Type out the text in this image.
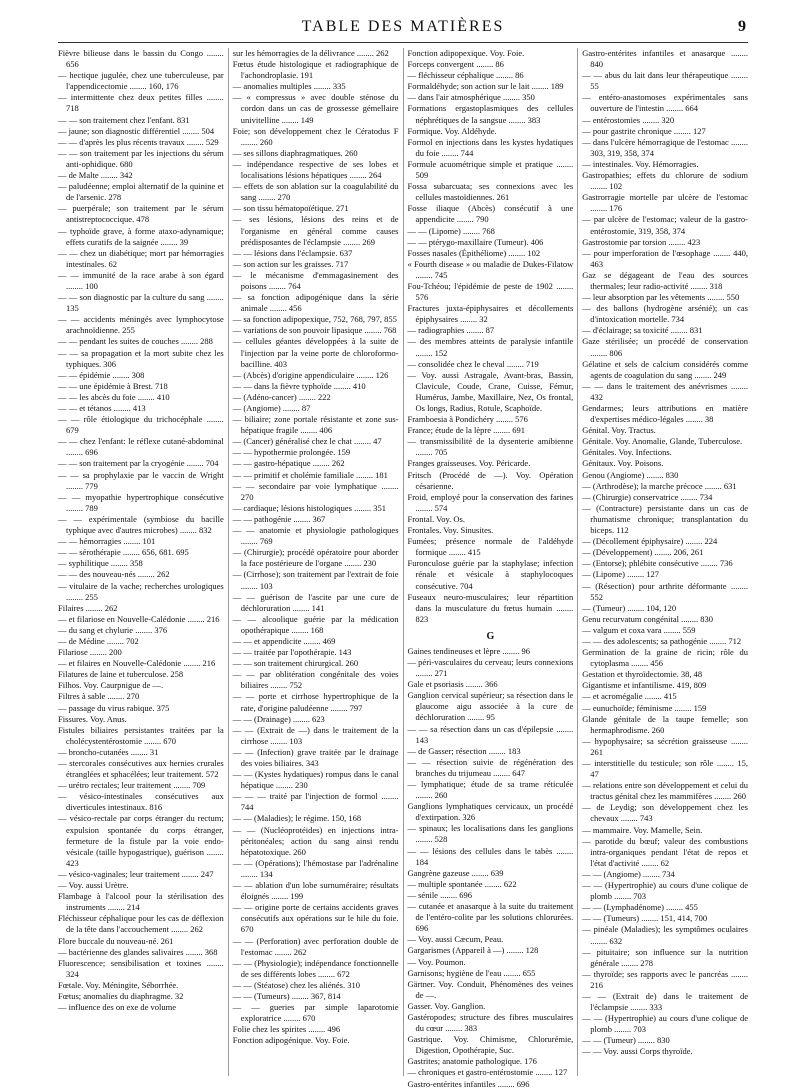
TABLE DES MATIÈRES	9
Fièvre bilieuse dans le bassin du Congo ........ 656
— hectique jugulée, chez une tuberculeuse, par l'appendicectomie ........ 160, 176
— intermittente chez deux petites filles ........ 718
— — son traitement chez l'enfant. 831
— jaune; son diagnostic différentiel ........ 504
— — d'après les plus récents travaux ........ 529
— — son traitement par les injections du sérum anti-ophidique. 680
— de Malte ........ 342
— paludéenne; emploi alternatif de la quinine et de l'arsenic. 278
— puerpérale; son traitement par le sérum antistreptococcique. 478
— typhoïde grave, à forme ataxo-adynamique; effets curatifs de la saignée ........ 39
— — chez un diabétique; mort par hémorragies intestinales. 62
— — immunité de la race arabe à son égard ........ 100
— — son diagnostic par la culture du sang ........ 135
— — accidents méningés avec lymphocytose arachnoïdienne. 255
— — pendant les suites de couches ........ 288
— — sa propagation et la mort subite chez les typhiques. 306
— — épidémie ........ 308
— — une épidémie à Brest. 718
— — les abcès du foie ........ 410
— — et tétanos ........ 413
— — rôle étiologique du trichocéphale ........ 679
— — chez l'enfant: le réflexe cutané-abdominal ........ 696
— — son traitement par la cryogénie ........ 704
— — sa prophylaxie par le vaccin de Wright ........ 779
— — myopathie hypertrophique consécutive ........ 789
— — expérimentale (symbiose du bacille typhique avec d'autres microbes) ........ 832
— — hémorragies ........ 101
— — sérothérapie ........ 656, 681. 695
— syphilitique ........ 358
— — des nouveau-nés ........ 262
— vitulaire de la vache; recherches urologiques ........ 255
Filaires ........ 262
— et filariose en Nouvelle-Calédonie ........ 216
— du sang et chylurie ........ 376
— de Médine ........ 702
Filariose ........ 200
— et filaires en Nouvelle-Calédonie ........ 216
Filatures de laine et tuberculose. 258
Filhos. Voy. Caurpnigue de —.
Filtres à sable ........ 270
— passage du virus rabique. 375
Fissures. Voy. Anus.
Fistules biliaires persistantes traitées par la cholécystentérostomie ........ 670
— broncho-cutanées ........ 31
— stercorales consécutives aux hernies crurales étranglées et sphacélées; leur traitement. 572
— urétro rectales; leur traitement ........ 709
— vésico-intestinales consécutives aux diverticules intestinaux. 816
— vésico-rectale par corps étranger du rectum; expulsion spontanée du corps étranger, fermeture de la fistule par la voie endo-vésicale (taille hypogastrique), guérison ........ 423
— vésico-vaginales; leur traitement ........ 247
— Voy. aussi Urètre.
Flambage à l'alcool pour la stérilisation des instruments ........ 214
Fléchisseur céphalique pour les cas de déflexion de la tête dans l'accouchement ........ 262
Flore buccale du nouveau-né. 261
— bactérienne des glandes salivaires ........ 368
Fluorescence; sensibilisation et toxines ........ 324
Fœtale. Voy. Méningite, Séborrhée.
Fœtus; anomalies du diaphragme. 32
— influence des on exe de volume
sur les hémorragies de la délivrance ........ 262
Fœtus étude histologique et radiographique de l'achondroplasie. 191
— anomalies multiples ........ 335
— « compressus » avec double sténose du cordon dans un cas de grossesse gémellaire univitelline ........ 149
Foie; son développement chez le Cératodus F ........ 260
— ses sillons diaphragmatiques. 260
— indépendance respective de ses lobes et localisations lésions hépatiques ........ 264
— effets de son ablation sur la coagulabilité du sang ........ 270
— son tissu hématopoïétique. 271
— ses lésions, lésions des reins et de l'organisme en général comme causes prédisposantes de l'éclampsie ........ 269
— — lésions dans l'éclampsie. 637
— son action sur les graisses. 717
— le mécanisme d'emmagasinement des poisons ........ 764
— sa fonction adipogénique dans la série animale ........ 456
— sa fonction adipopexique, 752, 768, 797, 855
— variations de son pouvoir lipasique ........ 768
— cellules géantes développées à la suite de l'injection par la veine porte de chloroformo-bacilline. 403
— (Abcès) d'origine appendiculaire ........ 126
— — dans la fièvre typhoïde ........ 410
— (Adéno-cancer) ........ 222
— (Angiome) ........ 87
— biliaire; zone portale résistante et zone sus-hépatique fragile ........ 406
— (Cancer) généralisé chez le chat ........ 47
— — hypothermie prolongée. 159
— — gastro-hépatique ........ 262
— — primitif et cholémie familiale ........ 181
— — secondaire par voie lymphatique ........ 270
— cardiaque; lésions histologiques ........ 351
— — pathogénie ........ 367
— — anatomie et physiologie pathologiques ........ 769
— (Chirurgie); procédé opératoire pour aborder la face postérieure de l'organe ........ 230
— (Cirrhose); son traitement par l'extrait de foie ........ 103
— — guérison de l'ascite par une cure de déchloruration ........ 141
— — alcoolique guérie par la médication opothérapique ........ 168
— — et appendicite ........ 469
— — traitée par l'opothérapie. 143
— — son traitement chirurgical. 260
— — par oblitération congénitale des voies biliaires ........ 752
— — porte et cirrhose hypertrophique de la rate, d'origine paludéenne ........ 797
— — (Drainage) ........ 623
— — (Extrait de —) dans le traitement de la cirrhose ........ 103
— — (Infection) grave traitée par le drainage des voies biliaires. 343
— — (Kystes hydatiques) rompus dans le canal hépatique ........ 230
— — — traité par l'injection de formol ........ 744
— — (Maladies); le régime. 150, 168
— — (Nucléoprotéides) en injections intra-péritonéales; action du sang ainsi rendu hépatotoxique. 260
— — (Opérations); l'hémostase par l'adrénaline ........ 134
— — ablation d'un lobe surnuméraire; résultats éloignés ........ 199
— — origine porte de certains accidents graves consécutifs aux opérations sur le hile du foie. 670
— — (Perforation) avec perforation double de l'estomac ........ 262
— — (Physiologie); indépendance fonctionnelle de ses différents lobes ........ 672
— — (Stéatose) chez les aliénés. 310
— — (Tumeurs) ........ 367, 814
— — gueries par simple laparotomie exploratrice ........ 670
Folie chez les spirites ........ 496
Fonction adipogénique. Voy. Foie.
Fonction adipopexique. Voy. Foie.
Forceps convergent ........ 86
— fléchisseur céphalique ........ 86
Formaldéhyde; son action sur le lait ........ 189
— dans l'air atmosphérique ........ 350
Formations ergastoplasmiques des cellules néphrétiques de la sangsue ........ 383
Formique. Voy. Aldéhyde.
Formol en injections dans les kystes hydatiques du foie ........ 744
Formule acuométrique simple et pratique ........ 509
Fossa subarcuata; ses connexions avec les cellules mastoïdiennes. 261
Fosse iliaque (Abcès) consécutif à une appendicite ........ 790
— — (Lipome) ........ 768
— — ptérygo-maxillaire (Tumeur). 406
Fosses nasales (Épithéliome) ........ 102
« Fourth disease » ou maladie de Dukes-Filatow ........ 745
Fou-Tchéou; l'épidémie de peste de 1902 ........ 576
Fractures juxta-épiphysaires et décollements épiphysaires ........ 32
— radiographies ........ 87
— des membres atteints de paralysie infantile ........ 152
— consolidée chez le cheval ........ 719
— Voy. aussi Astragale, Avant-bras, Bassin, Clavicule, Coude, Crane, Cuisse, Fémur, Humérus, Jambe, Maxillaire, Nez, Os frontal, Os longs, Radius, Rotule, Scaphoïde.
Framboesia à Pondichéry ........ 576
France; étude de la lèpre ........ 691
— transmissibilité de la dysenterie amibienne ........ 705
Franges graisseuses. Voy. Péricarde.
Fritsch (Procédé de —). Voy. Opération césarienne.
Froid, employé pour la conservation des farines ........ 574
Frontal. Voy. Os.
Frontales. Voy. Sinusites.
Fumées; présence normale de l'aldéhyde formique ........ 415
Furonculose guérie par la staphylase; infection rénale et vésicale à staphylocoques consécutive. 704
Fuseaux neuro-musculaires; leur répartition dans la musculature du fœtus humain ........ 823
G
Gaines tendineuses et lèpre ........ 96
— péri-vasculaires du cerveau; leurs connexions ........ 271
Gale et psoriasis ........ 366
Ganglion cervical supérieur; sa résection dans le glaucome aigu associée à la cure de déchloruration ........ 95
— — sa résection dans un cas d'épilepsie ........ 143
— de Gasser; résection ........ 183
— — résection suivie de régénération des branches du trijumeau ........ 647
— lymphatique; étude de sa trame réticulée ........ 260
Ganglions lymphatiques cervicaux, un procédé d'extirpation. 326
— spinaux; les localisations dans les ganglions ........ 528
— — lésions des cellules dans le tabès ........ 184
Gangrène gazeuse ........ 639
— multiple spontanée ........ 622
— sénile ........ 696
— cutanée et anasarque à la suite du traitement de l'entéro-colite par les solutions chlorurées. 696
— Voy. aussi Cæcum, Peau.
Gargarismes (Appareil à —) ........ 128
— Voy. Poumon.
Garnisons; hygiène de l'eau ........ 655
Gärtner. Voy. Conduit, Phénomènes des veines de —.
Gasser. Voy. Ganglion.
Gastéropodes; structure des fibres musculaires du cœur ........ 383
Gastrique. Voy. Chimisme, Chlorurémie, Digestion, Opothérapie, Suc.
Gastrites; anatomie pathologique. 176
— chroniques et gastro-entérostomie ........ 127
Gastro-entérites infantiles ........ 696
Gastro-entérites infantiles et anasarque ........ 840
— — abus du lait dans leur thérapeutique ........ 55
— entéro-anastomoses expérimentales sans ouverture de l'intestin ........ 664
— entérostomies ........ 320
— pour gastrite chronique ........ 127
— dans l'ulcère hémorragique de l'estomac ........ 303, 319, 358, 374
— intestinales. Voy. Hémorragies.
Gastropathies; effets du chlorure de sodium ........ 102
Gastrorragie mortelle par ulcère de l'estomac ........ 176
— par ulcère de l'estomac; valeur de la gastro-entérostomie, 319, 358, 374
Gastrostomie par torsion ........ 423
— pour imperforation de l'œsophage ........ 440, 463
Gaz se dégageant de l'eau des sources thermales; leur radio-activité ........ 318
— leur absorption par les vêtements ........ 550
— des ballons (hydrogène arsénié); un cas d'intoxication mortelle. 734
— d'éclairage; sa toxicité ........ 831
Gaze stérilisée; un procédé de conservation ........ 806
Gélatine et sels de calcium considérés comme agents de coagulation du sang ........ 249
— — dans le traitement des anévrismes ........ 432
Gendarmes; leurs attributions en matière d'expertises médico-légales ........ 38
Génital. Voy. Tractus.
Génitale. Voy. Anomalie, Glande, Tuberculose.
Génitales. Voy. Infections.
Génitaux. Voy. Poisons.
Genou (Angiome) ........ 830
— (Arthrodèse); la marche précoce ........ 631
— (Chirurgie) conservatrice ........ 734
— (Contracture) persistante dans un cas de rhumatisme chronique; transplantation du biceps. 112
— (Décollement épiphysaire) ........ 224
— (Développement) ........ 206, 261
— (Entorse); phlébite consécutive ........ 736
— (Lipome) ........ 127
— (Résection) pour arthrite déformante ........ 552
— (Tumeur) ........ 104, 120
Genu recurvatum congénital ........ 830
— valgum et coxa vara ........ 559
— — des adolescents; sa pathogénie ........ 712
Germination de la graine de ricin; rôle du cytoplasma ........ 456
Gestation et thyroïdectomie. 38, 48
Gigantisme et infantilisme. 419, 809
— et acromégalie ........ 415
— eunuchoïde; féminisme ........ 159
Glande génitale de la taupe femelle; son hermaphrodisme. 260
— hypophysaire; sa sécrétion graisseuse ........ 261
— interstitielle du testicule; son rôle ........ 15, 47
— relations entre son développement et celui du tractus génital chez les mammifères ........ 260
— de Leydig; son développement chez les chevaux ........ 743
— mammaire. Voy. Mamelle, Sein.
— parotide du bœuf; valeur des combustions intra-organiques pendant l'état de repos et l'état d'activité ........ 62
— — (Angiome) ........ 734
— — (Hypertrophie) au cours d'une colique de plomb ........ 703
— — (Lymphadénome) ........ 455
— — (Tumeurs) ........ 151, 414, 700
— pinéale (Maladies); les symptômes oculaires ........ 632
— pituitaire; son influence sur la nutrition générale ........ 278
— thyroïde; ses rapports avec le pancréas ........ 216
— — (Extrait de) dans le traitement de l'éclampsie ........ 333
— — (Hypertrophie) au cours d'une colique de plomb ........ 703
— — (Tumeur) ........ 830
— — Voy. aussi Corps thyroïde.
